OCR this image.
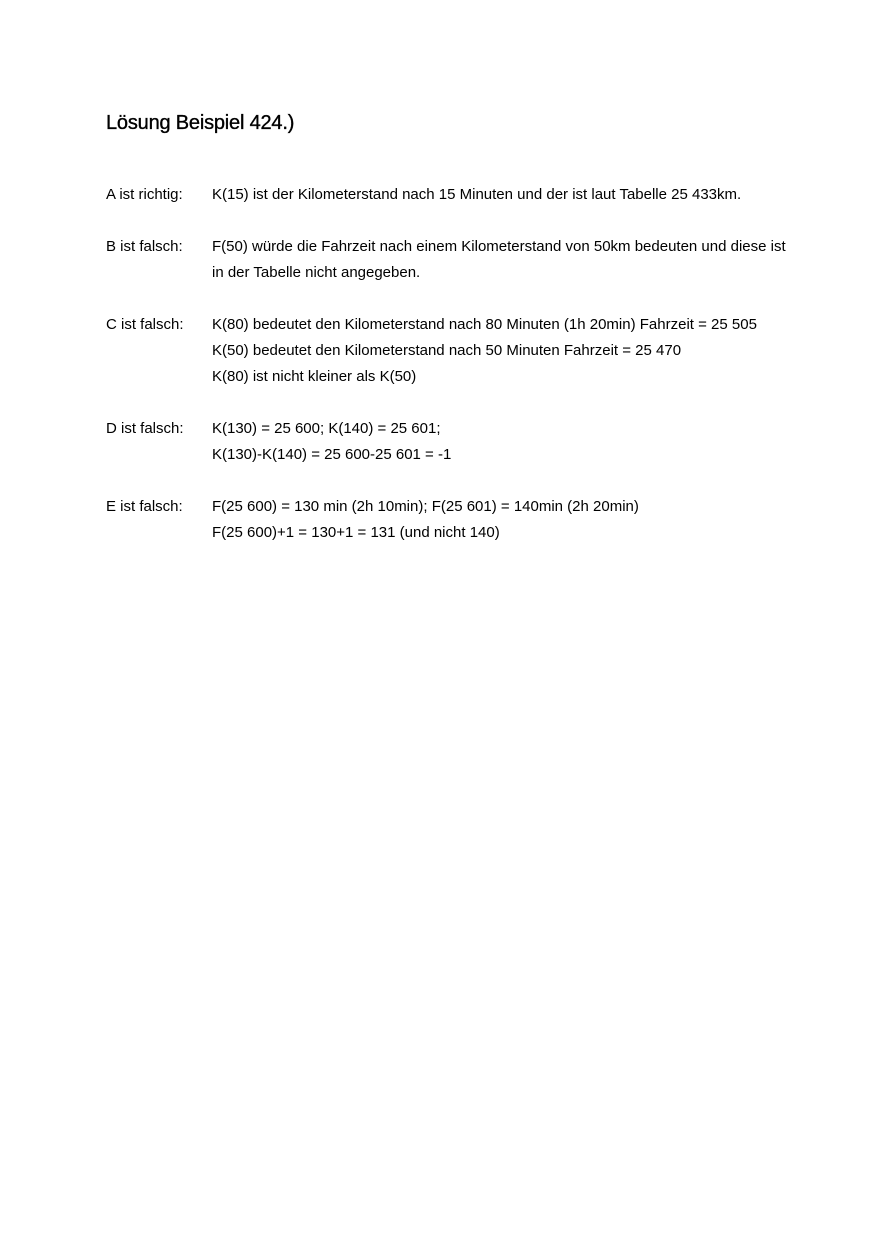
Lösung Beispiel 424.)
A ist richtig:	K(15) ist der Kilometerstand nach 15 Minuten und der ist laut Tabelle 25 433km.
B ist falsch:	F(50) würde die Fahrzeit nach einem Kilometerstand von 50km bedeuten und diese ist
in der Tabelle nicht angegeben.
C ist falsch:	K(80) bedeutet den Kilometerstand nach 80 Minuten (1h 20min) Fahrzeit = 25 505
K(50) bedeutet den Kilometerstand nach 50 Minuten Fahrzeit = 25 470
K(80) ist nicht kleiner als K(50)
D ist falsch:	K(130) = 25 600; K(140) = 25 601;
K(130)-K(140) = 25 600-25 601 = -1
E ist falsch:	F(25 600) = 130 min (2h 10min); F(25 601) = 140min (2h 20min)
F(25 600)+1 = 130+1 = 131 (und nicht 140)
